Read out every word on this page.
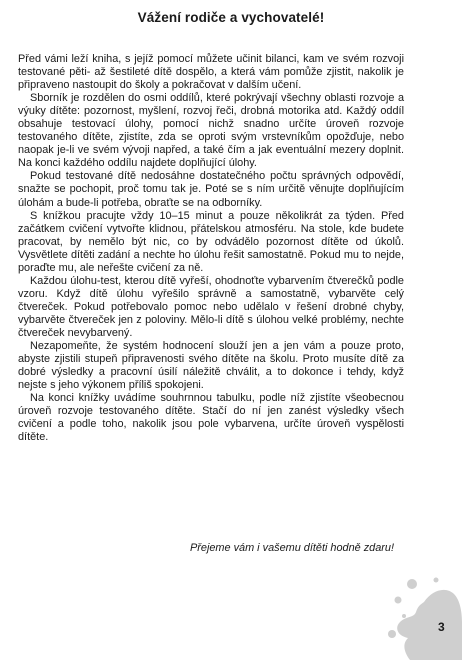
Vážení rodiče a vychovatelé!

Před vámi leží kniha, s jejíž pomocí můžete učinit bilanci, kam ve svém rozvoji testované pěti- až šestileté dítě dospělo, a která vám pomůže zjistit, nakolik je připraveno nastoupit do školy a pokračovat v dalším učení.

Sborník je rozdělen do osmi oddílů, které pokrývají všechny oblasti rozvoje a výuky dítěte: pozornost, myšlení, rozvoj řeči, drobná motorika atd. Každý oddíl obsahuje testovací úlohy, pomocí nichž snadno určíte úroveň rozvoje testovaného dítěte, zjistíte, zda se oproti svým vrstevníkům opožďuje, nebo naopak je-li ve svém vývoji napřed, a také čím a jak eventuální mezery doplnit. Na konci každého oddílu najdete doplňující úlohy.

Pokud testované dítě nedosáhne dostatečného počtu správných odpovědí, snažte se pochopit, proč tomu tak je. Poté se s ním určitě věnujte doplňujícím úlohám a bude-li potřeba, obraťte se na odborníky.

S knížkou pracujte vždy 10–15 minut a pouze několikrát za týden. Před začátkem cvičení vytvořte klidnou, přátelskou atmosféru. Na stole, kde budete pracovat, by nemělo být nic, co by odvádělo pozornost dítěte od úkolů. Vysvětlete dítěti zadání a nechte ho úlohu řešit samostatně. Pokud mu to nejde, poraďte mu, ale neřešte cvičení za ně.

Každou úlohu-test, kterou dítě vyřeší, ohodnoťte vybarvením čtverečků podle vzoru. Když dítě úlohu vyřešilo správně a samostatně, vybarvěte celý čtvereček. Pokud potřebovalo pomoc nebo udělalo v řešení drobné chyby, vybarvěte čtvereček jen z poloviny. Mělo-li dítě s úlohou velké problémy, nechte čtvereček nevybarvený.

Nezapomeňte, že systém hodnocení slouží jen a jen vám a pouze proto, abyste zjistili stupeň připravenosti svého dítěte na školu. Proto musíte dítě za dobré výsledky a pracovní úsilí náležitě chválit, a to dokonce i tehdy, když nejste s jeho výkonem příliš spokojeni.

Na konci knížky uvádíme souhrnnou tabulku, podle níž zjistíte všeobecnou úroveň rozvoje testovaného dítěte. Stačí do ní jen zanést výsledky všech cvičení a podle toho, nakolik jsou pole vybarvena, určíte úroveň vyspělosti dítěte.

Přejeme vám i vašemu dítěti hodně zdaru!
3
